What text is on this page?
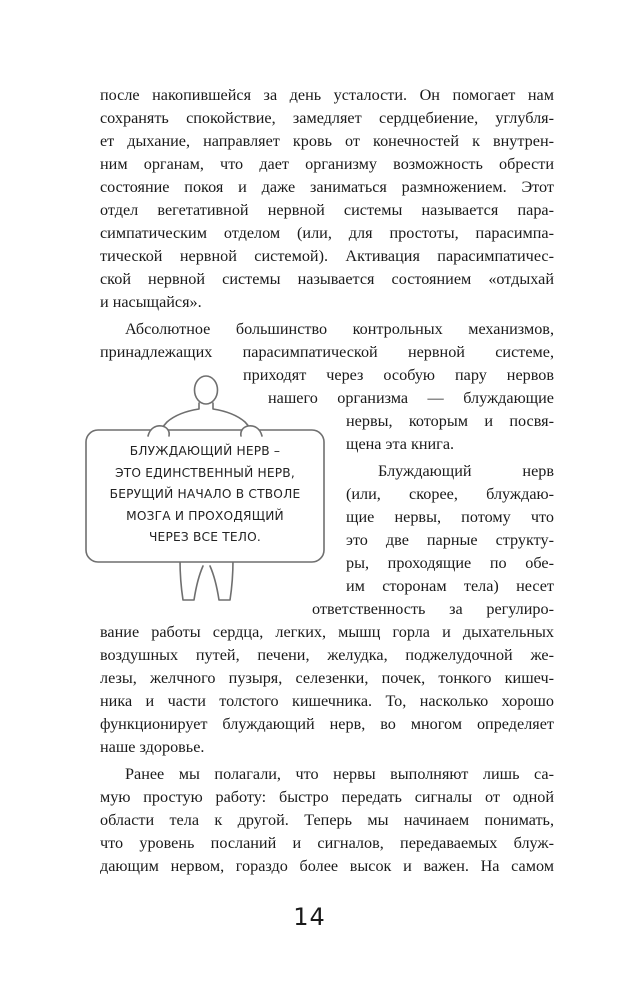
после накопившейся за день усталости. Он помогает нам

сохранять спокойствие, замедляет сердцебиение, углубля-

ет дыхание, направляет кровь от конечностей к внутрен-

ним органам, что дает организму возможность обрести

состояние покоя и даже заниматься размножением. Этот

отдел вегетативной нервной системы называется пара-

симпатическим отделом (или, для простоты, парасимпа-

тической нервной системой). Активация парасимпатичес-

ской нервной системы называется состоянием «отдыхай

и насыщайся».

Абсолютное большинство контрольных механизмов,

принадлежащих парасимпатической нервной системе,

приходят через особую пару нервов

нашего организма — блуждающие

нервы, которым и посвя-

щена эта книга.

Блуждающий нерв

(или, скорее, блуждаю-

щие нервы, потому что

это две парные структу-

ры, проходящие по обе-

им сторонам тела) несет

ответственность за регулиро-

вание работы сердца, легких, мышц горла и дыхательных

воздушных путей, печени, желудка, поджелудочной же-

лезы, желчного пузыря, селезенки, почек, тонкого кишеч-

ника и части толстого кишечника. То, насколько хорошо

функционирует блуждающий нерв, во многом определяет

наше здоровье.

Ранее мы полагали, что нервы выполняют лишь са-

мую простую работу: быстро передать сигналы от одной

области тела к другой. Теперь мы начинаем понимать,

что уровень посланий и сигналов, передаваемых блуж-

дающим нервом, гораздо более высок и важен. На самом

БЛУЖДАЮЩИЙ НЕРВ –
ЭТО ЕДИНСТВЕННЫЙ НЕРВ,
БЕРУЩИЙ НАЧАЛО В СТВОЛЕ
МОЗГА И ПРОХОДЯЩИЙ
ЧЕРЕЗ ВСЕ ТЕЛО.
14
